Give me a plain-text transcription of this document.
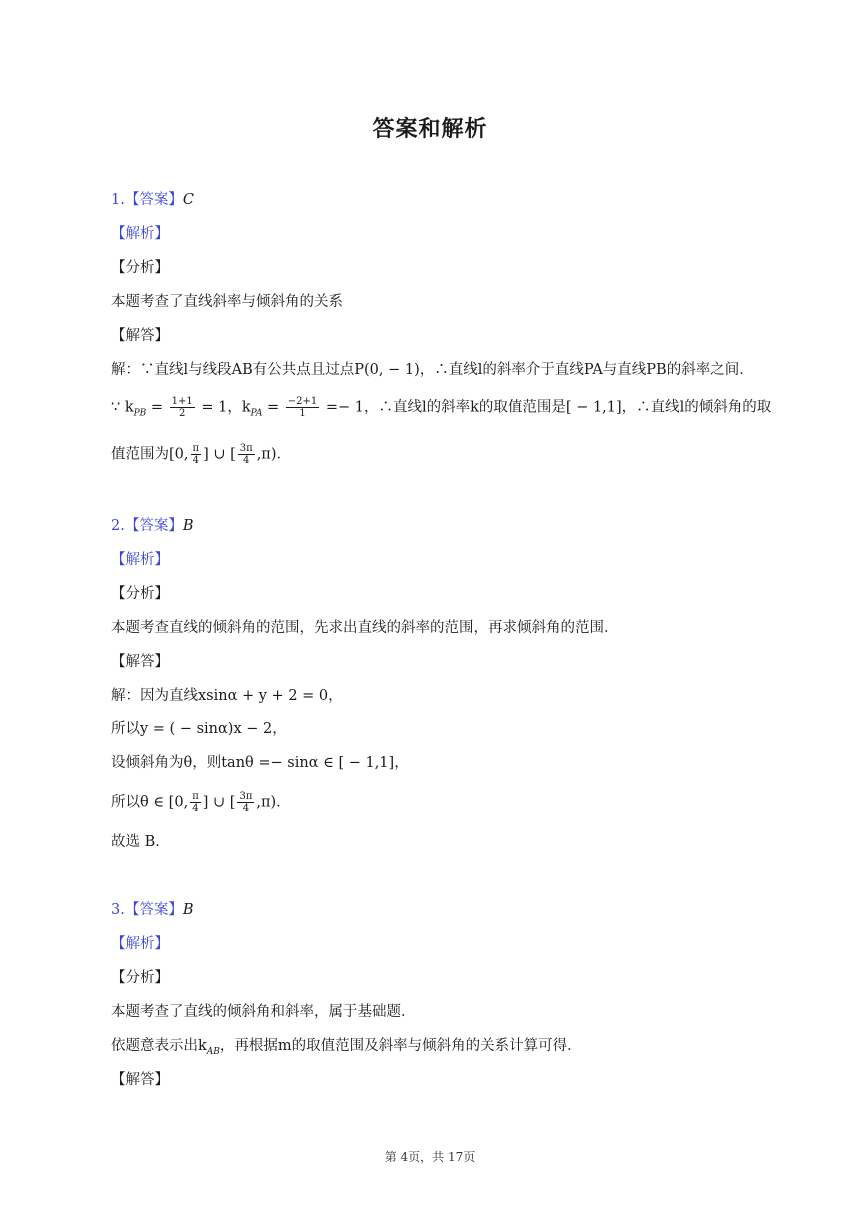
答案和解析
1.【答案】C
【解析】
【分析】
本题考查了直线斜率与倾斜角的关系
【解答】
解：∵直线l与线段AB有公共点且过点P(0, − 1)，∴直线l的斜率介于直线PA与直线PB的斜率之间．
∵ $k_{PB} = \frac{1+1}{2} = 1$，$k_{PA} = \frac{-2+1}{1} =- 1$，∴直线l的斜率k的取值范围是[ − 1,1]，∴直线l的倾斜角的取
值范围为[0, $\frac{\pi}{4}$ ] ∪ [ $\frac{3\pi}{4} ,\pi$)．
2.【答案】B
【解析】
【分析】
本题考查直线的倾斜角的范围，先求出直线的斜率的范围，再求倾斜角的范围．
【解答】
解：因为直线xsinα + y + 2 = 0，
所以y = ( − sinα)x − 2，
设倾斜角为θ，则tanθ =− sinα ∈ [ − 1,1]，
所以θ ∈ [0, $\frac{\pi}{4}$ ] ∪ [ $\frac{3\pi}{4} ,\pi$)．
故选 B．
3.【答案】B
【解析】
【分析】
本题考查了直线的倾斜角和斜率，属于基础题．
依题意表示出$k_{AB}$，再根据m的取值范围及斜率与倾斜角的关系计算可得．
【解答】
第 4页，共 17页
